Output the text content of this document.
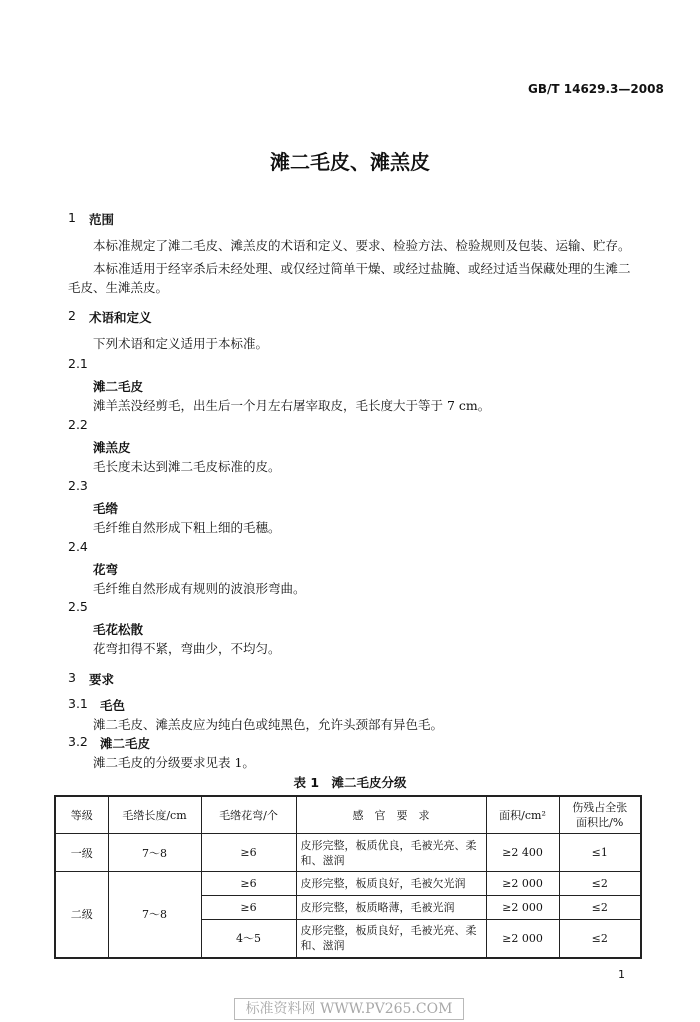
GB/T 14629.3—2008
滩二毛皮、滩羔皮
1 范围
本标准规定了滩二毛皮、滩羔皮的术语和定义、要求、检验方法、检验规则及包装、运输、贮存。
本标准适用于经宰杀后未经处理、或仅经过简单干燥、或经过盐腌、或经过适当保藏处理的生滩二
毛皮、生滩羔皮。
2 术语和定义
下列术语和定义适用于本标准。
2.1
滩二毛皮
滩羊羔没经剪毛，出生后一个月左右屠宰取皮，毛长度大于等于 7 cm。
2.2
滩羔皮
毛长度未达到滩二毛皮标准的皮。
2.3
毛绺
毛纤维自然形成下粗上细的毛穗。
2.4
花弯
毛纤维自然形成有规则的波浪形弯曲。
2.5
毛花松散
花弯扣得不紧，弯曲少，不均匀。
3 要求
3.1 毛色
滩二毛皮、滩羔皮应为纯白色或纯黑色，允许头颈部有异色毛。
3.2 滩二毛皮
滩二毛皮的分级要求见表 1。
表 1　滩二毛皮分级
等级	毛绺长度/cm	毛绺花弯/个	感　官　要　求	面积/cm²	伤残占全张
面积比/%
一级	7～8	≥6	皮形完整，板质优良，毛被光亮、柔和、滋润	≥2 400	≤1
二级	7～8	≥6	皮形完整，板质良好，毛被欠光润	≥2 000	≤2
		≥6	皮形完整，板质略薄，毛被光润	≥2 000	≤2
		4～5	皮形完整，板质良好，毛被光亮、柔和、滋润	≥2 000	≤2
1
标准资料网 WWW.PV265.COM
